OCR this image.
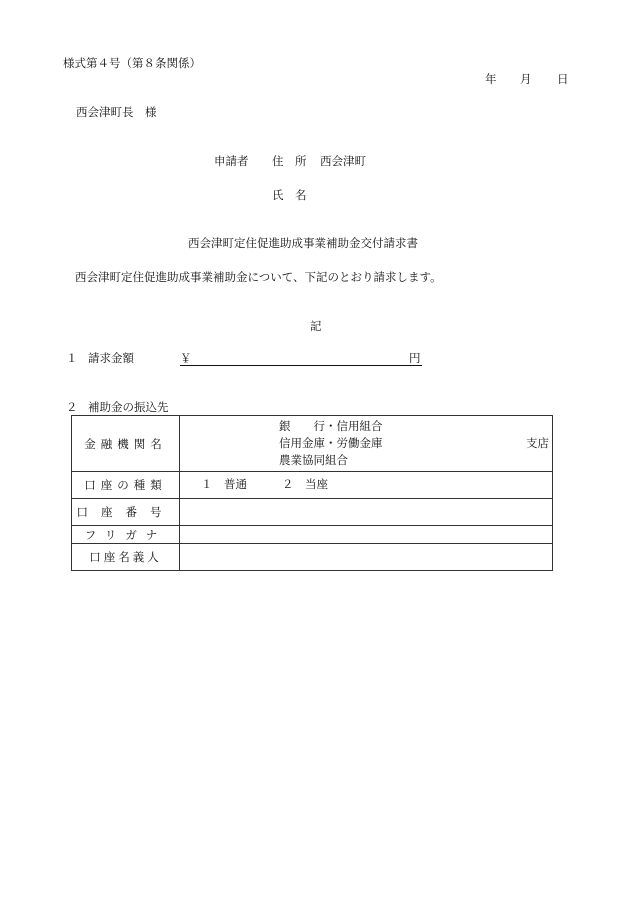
様式第４号（第８条関係）
年 月 日
西会津町長　様
申請者 住　所 西会津町
氏　名
西会津町定住促進助成事業補助金交付請求書
西会津町定住促進助成事業補助金について、下記のとおり請求します。
記
１ 請求金額	￥	円
２ 補助金の振込先
金融機関名	銀　　行・信用組合
信用金庫・労働金庫
農業協同組合
支店

口座の種類	１　普通 ２　当座

口座番号	
フリガナ	
口座名義人	
